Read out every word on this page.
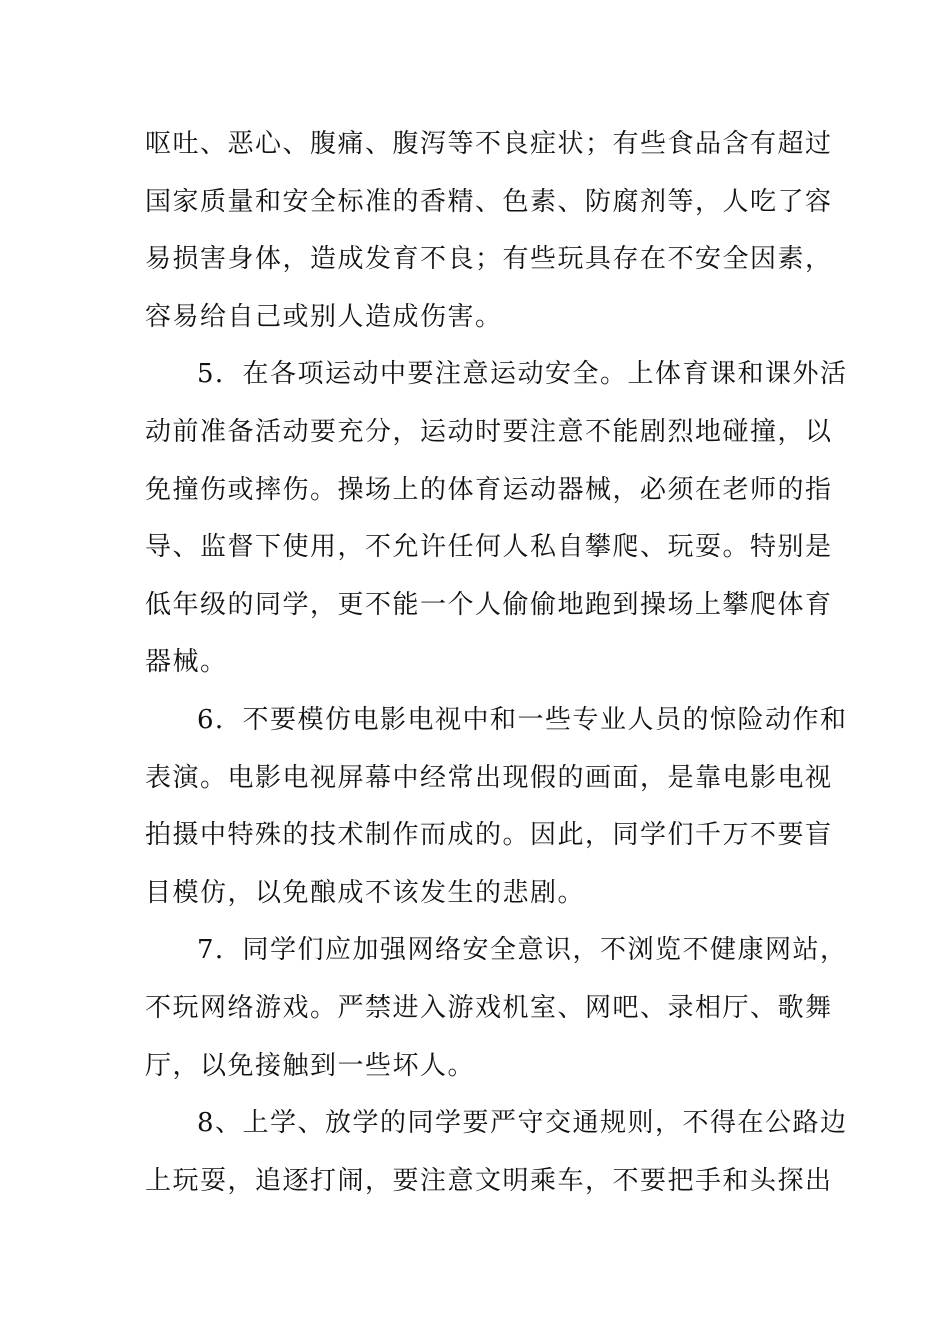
呕吐、恶心、腹痛、腹泻等不良症状；有些食品含有超过
国家质量和安全标准的香精、色素、防腐剂等，人吃了容
易损害身体，造成发育不良；有些玩具存在不安全因素，
容易给自己或别人造成伤害。
5．在各项运动中要注意运动安全。上体育课和课外活
动前准备活动要充分，运动时要注意不能剧烈地碰撞，以
免撞伤或摔伤。操场上的体育运动器械，必须在老师的指
导、监督下使用，不允许任何人私自攀爬、玩耍。特别是
低年级的同学，更不能一个人偷偷地跑到操场上攀爬体育
器械。
6．不要模仿电影电视中和一些专业人员的惊险动作和
表演。电影电视屏幕中经常出现假的画面，是靠电影电视
拍摄中特殊的技术制作而成的。因此，同学们千万不要盲
目模仿，以免酿成不该发生的悲剧。
7．同学们应加强网络安全意识，不浏览不健康网站，
不玩网络游戏。严禁进入游戏机室、网吧、录相厅、歌舞
厅，以免接触到一些坏人。
8、上学、放学的同学要严守交通规则，不得在公路边
上玩耍，追逐打闹，要注意文明乘车，不要把手和头探出
